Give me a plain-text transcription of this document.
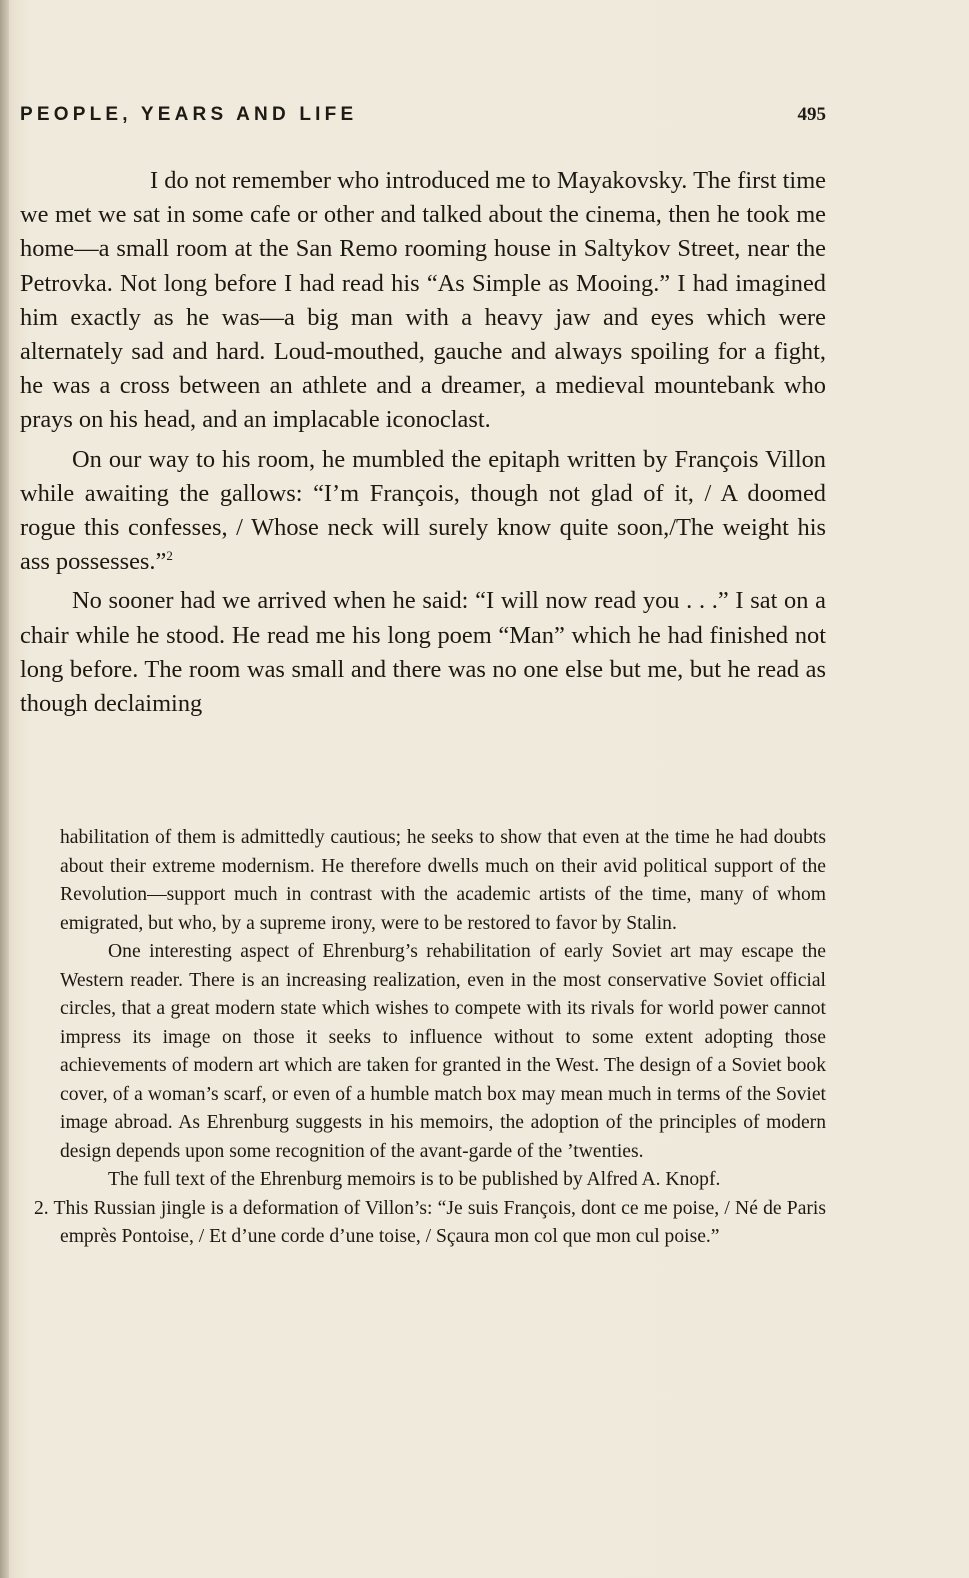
PEOPLE, YEARS AND LIFE	495

I do not remember who introduced me to Mayakovsky. The first time we met we sat in some cafe or other and talked about the cinema, then he took me home—a small room at the San Remo rooming house in Saltykov Street, near the Petrovka. Not long before I had read his “As Simple as Mooing.” I had imagined him exactly as he was—a big man with a heavy jaw and eyes which were alternately sad and hard. Loud-mouthed, gauche and always spoiling for a fight, he was a cross between an athlete and a dreamer, a medieval mountebank who prays on his head, and an implacable iconoclast.

On our way to his room, he mumbled the epitaph written by François Villon while awaiting the gallows: “I’m François, though not glad of it, / A doomed rogue this confesses, / Whose neck will surely know quite soon,/The weight his ass possesses.”$^2$

No sooner had we arrived when he said: “I will now read you . . .” I sat on a chair while he stood. He read me his long poem “Man” which he had finished not long before. The room was small and there was no one else but me, but he read as though declaiming

habilitation of them is admittedly cautious; he seeks to show that even at the time he had doubts about their extreme modernism. He therefore dwells much on their avid political support of the Revolution—support much in contrast with the academic artists of the time, many of whom emigrated, but who, by a supreme irony, were to be restored to favor by Stalin.

One interesting aspect of Ehrenburg’s rehabilitation of early Soviet art may escape the Western reader. There is an increasing realization, even in the most conservative Soviet official circles, that a great modern state which wishes to compete with its rivals for world power cannot impress its image on those it seeks to influence without to some extent adopting those achievements of modern art which are taken for granted in the West. The design of a Soviet book cover, of a woman’s scarf, or even of a humble match box may mean much in terms of the Soviet image abroad. As Ehrenburg suggests in his memoirs, the adoption of the principles of modern design depends upon some recognition of the avant-garde of the ’twenties.

The full text of the Ehrenburg memoirs is to be published by Alfred A. Knopf.

2. This Russian jingle is a deformation of Villon’s: “Je suis François, dont ce me poise, / Né de Paris emprès Pontoise, / Et d’une corde d’une toise, / Sçaura mon col que mon cul poise.”
